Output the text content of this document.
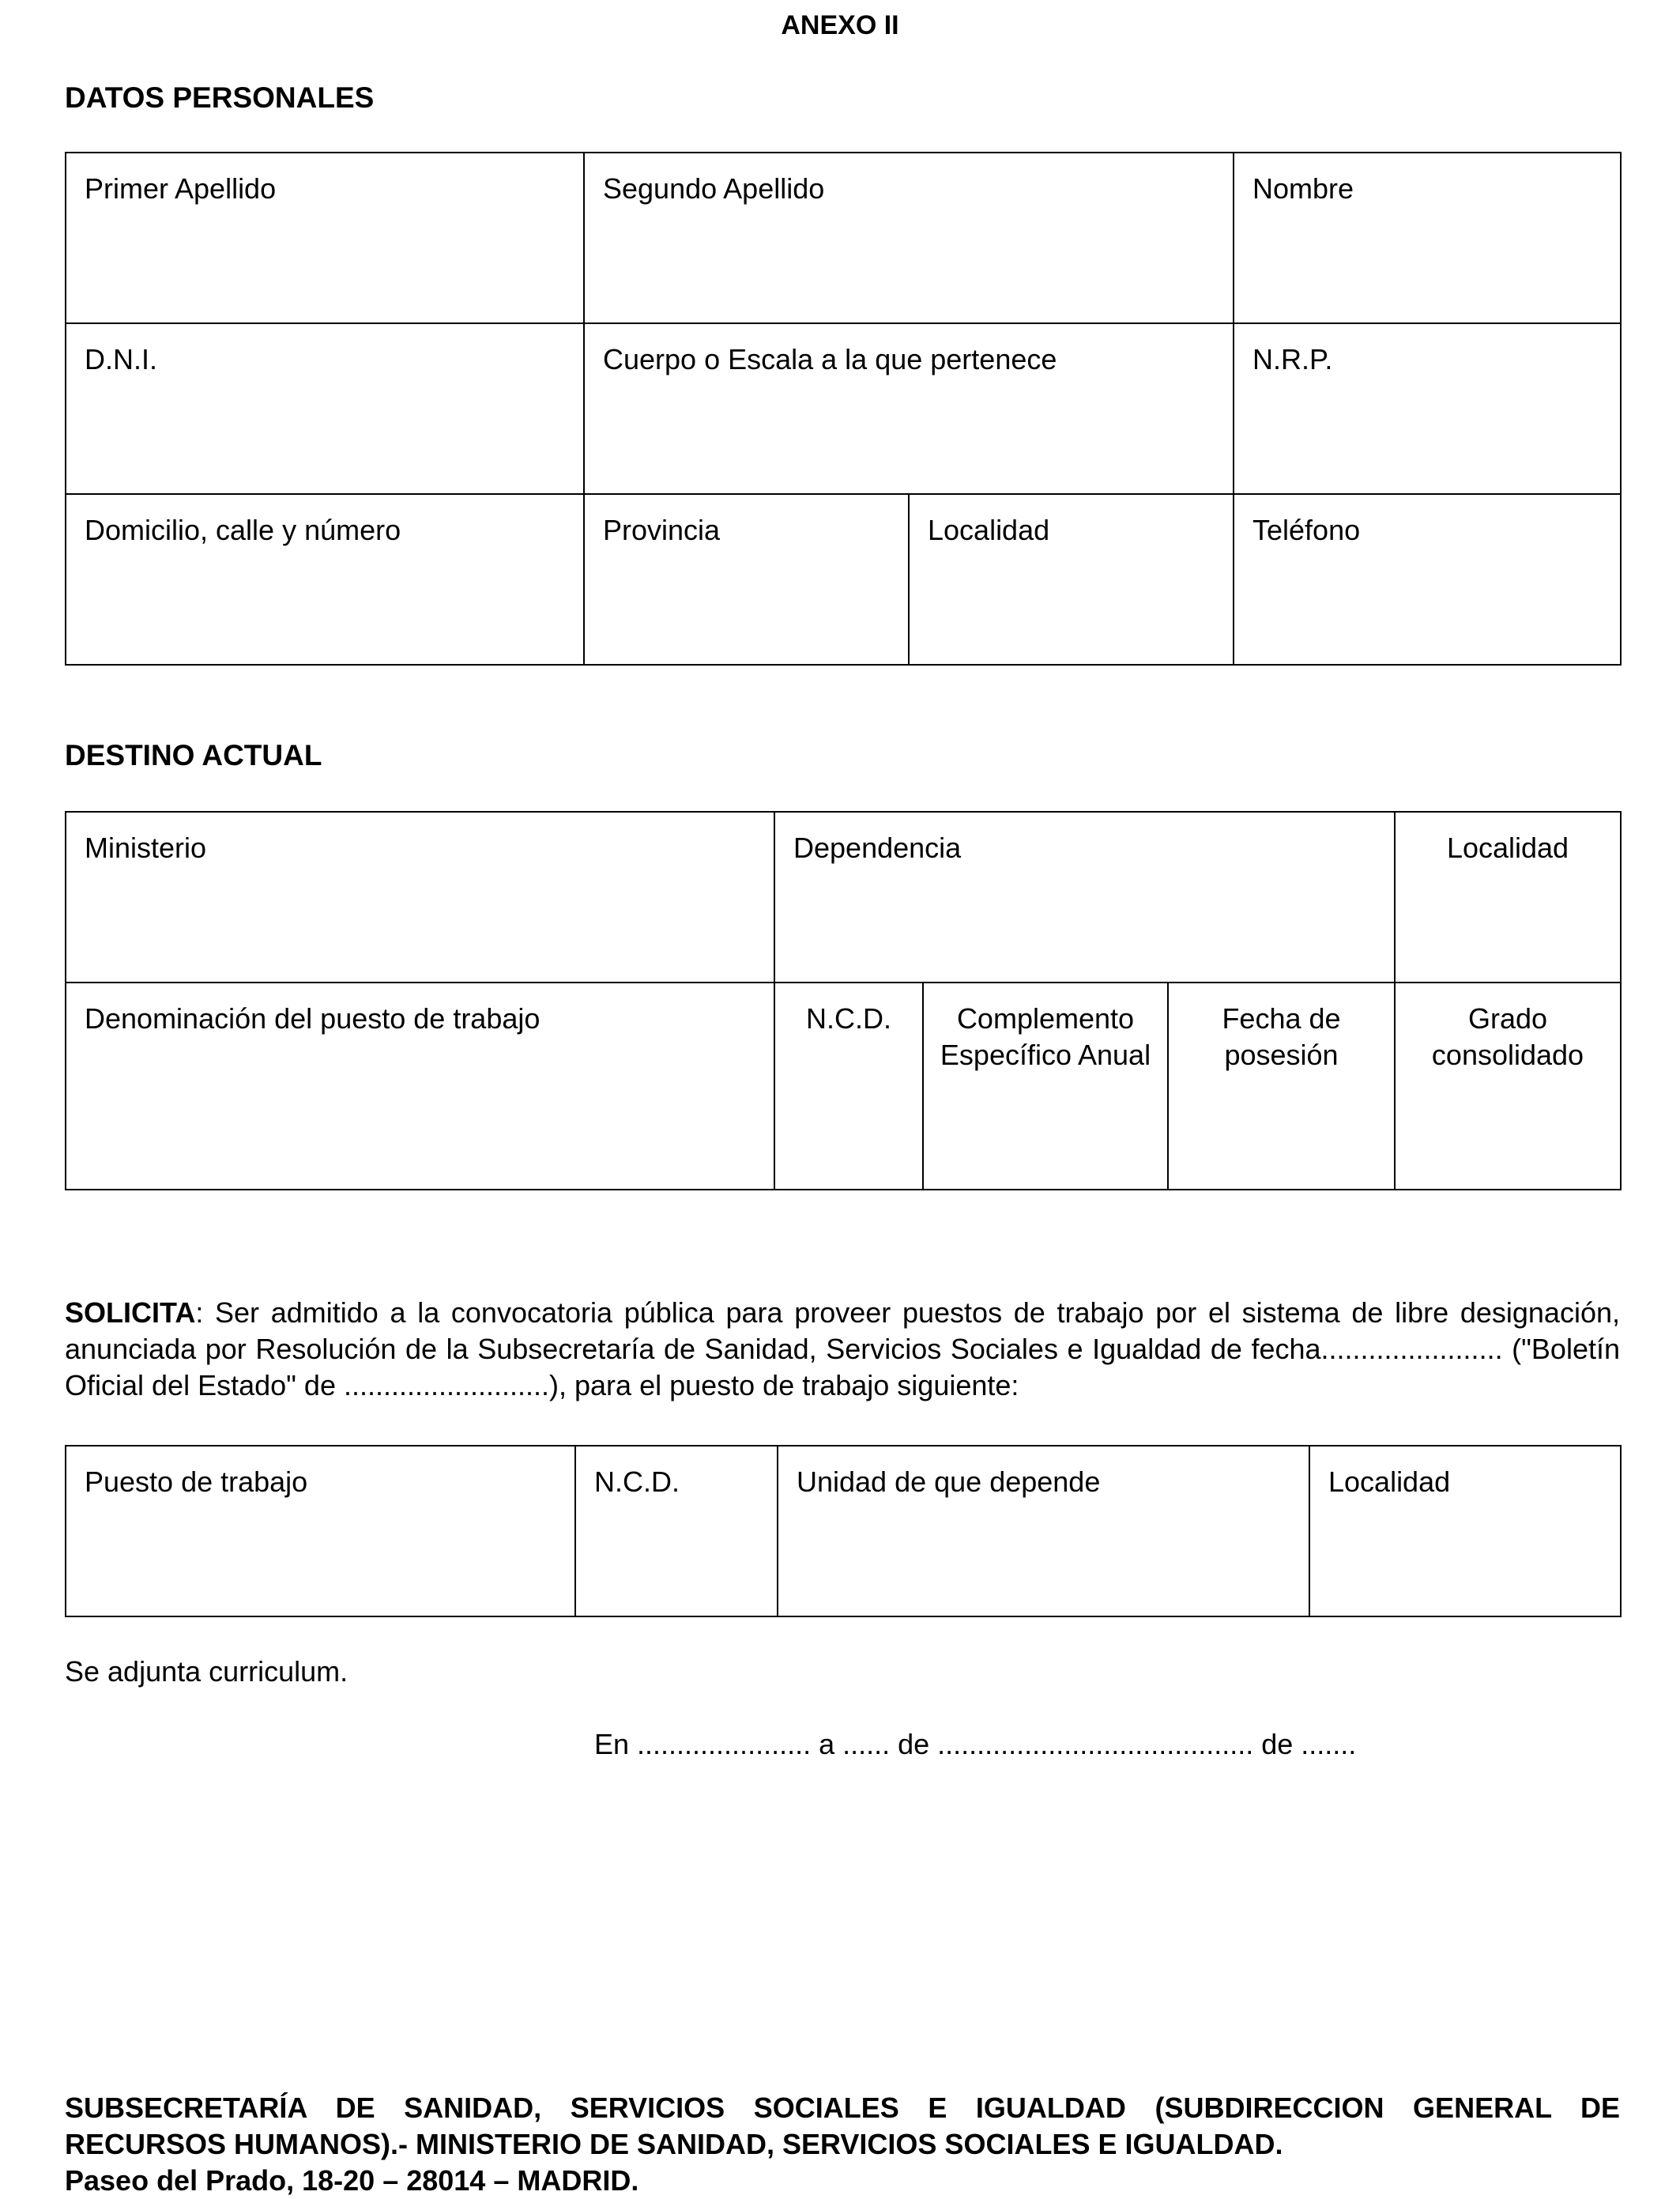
ANEXO II
DATOS PERSONALES
Primer Apellido	Segundo Apellido		Nombre
D.N.I.	Cuerpo o Escala a la que pertenece		N.R.P.
Domicilio, calle y número	Provincia	Localidad	Teléfono
DESTINO ACTUAL
Ministerio	Dependencia			Localidad
Denominación del puesto de trabajo	N.C.D.	Complemento Específico Anual	Fecha de posesión	Grado consolidado
SOLICITA: Ser admitido a la convocatoria pública para proveer puestos de trabajo por el sistema de libre designación, anunciada por Resolución de la Subsecretaría de Sanidad, Servicios Sociales e Igualdad de fecha....................... ("Boletín Oficial del Estado" de ..........................), para el puesto de trabajo siguiente:
Puesto de trabajo	N.C.D.	Unidad de que depende	Localidad
Se adjunta curriculum.
En ...................... a ...... de ........................................ de .......

SUBSECRETARÍA DE SANIDAD, SERVICIOS SOCIALES E IGUALDAD (SUBDIRECCION GENERAL DE

RECURSOS HUMANOS).- MINISTERIO DE SANIDAD, SERVICIOS SOCIALES E IGUALDAD.

Paseo del Prado, 18-20 – 28014 – MADRID.
